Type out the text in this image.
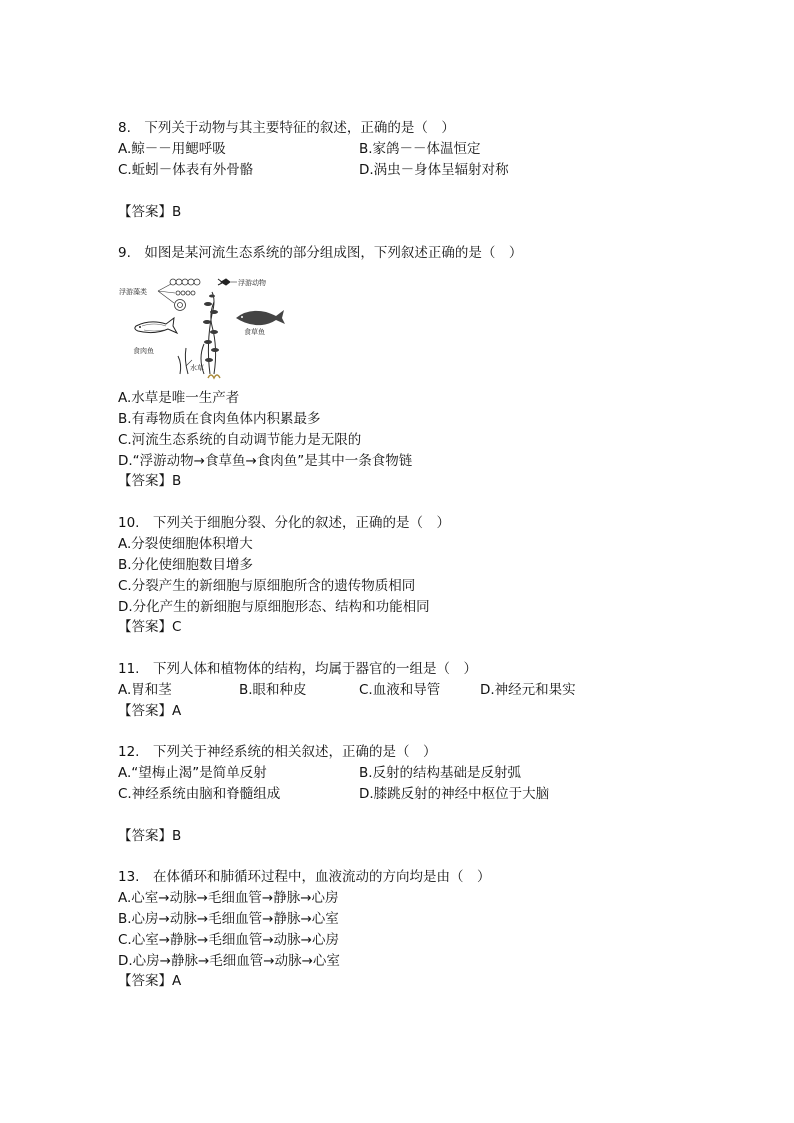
8.　下列关于动物与其主要特征的叙述，正确的是（　）
A.鲸－－用鳃呼吸	B.家鸽－－体温恒定
C.蚯蚓－体表有外骨骼	D.涡虫－身体呈辐射对称
【答案】B
9.　如图是某河流生态系统的部分组成图，下列叙述正确的是（　）
浮游藻类
浮游动物
食草鱼
食肉鱼
水草
A.水草是唯一生产者
B.有毒物质在食肉鱼体内积累最多
C.河流生态系统的自动调节能力是无限的
D.“浮游动物→食草鱼→食肉鱼”是其中一条食物链
【答案】B
10.　下列关于细胞分裂、分化的叙述，正确的是（　）
A.分裂使细胞体积增大
B.分化使细胞数目增多
C.分裂产生的新细胞与原细胞所含的遗传物质相同
D.分化产生的新细胞与原细胞形态、结构和功能相同
【答案】C
11.　下列人体和植物体的结构，均属于器官的一组是（　）
A.胃和茎	B.眼和种皮	C.血液和导管	D.神经元和果实
【答案】A
12.　下列关于神经系统的相关叙述，正确的是（　）
A.“望梅止渴”是简单反射	B.反射的结构基础是反射弧
C.神经系统由脑和脊髓组成	D.膝跳反射的神经中枢位于大脑
【答案】B
13.　在体循环和肺循环过程中，血液流动的方向均是由（　）
A.心室→动脉→毛细血管→静脉→心房
B.心房→动脉→毛细血管→静脉→心室
C.心室→静脉→毛细血管→动脉→心房
D.心房→静脉→毛细血管→动脉→心室
【答案】A
